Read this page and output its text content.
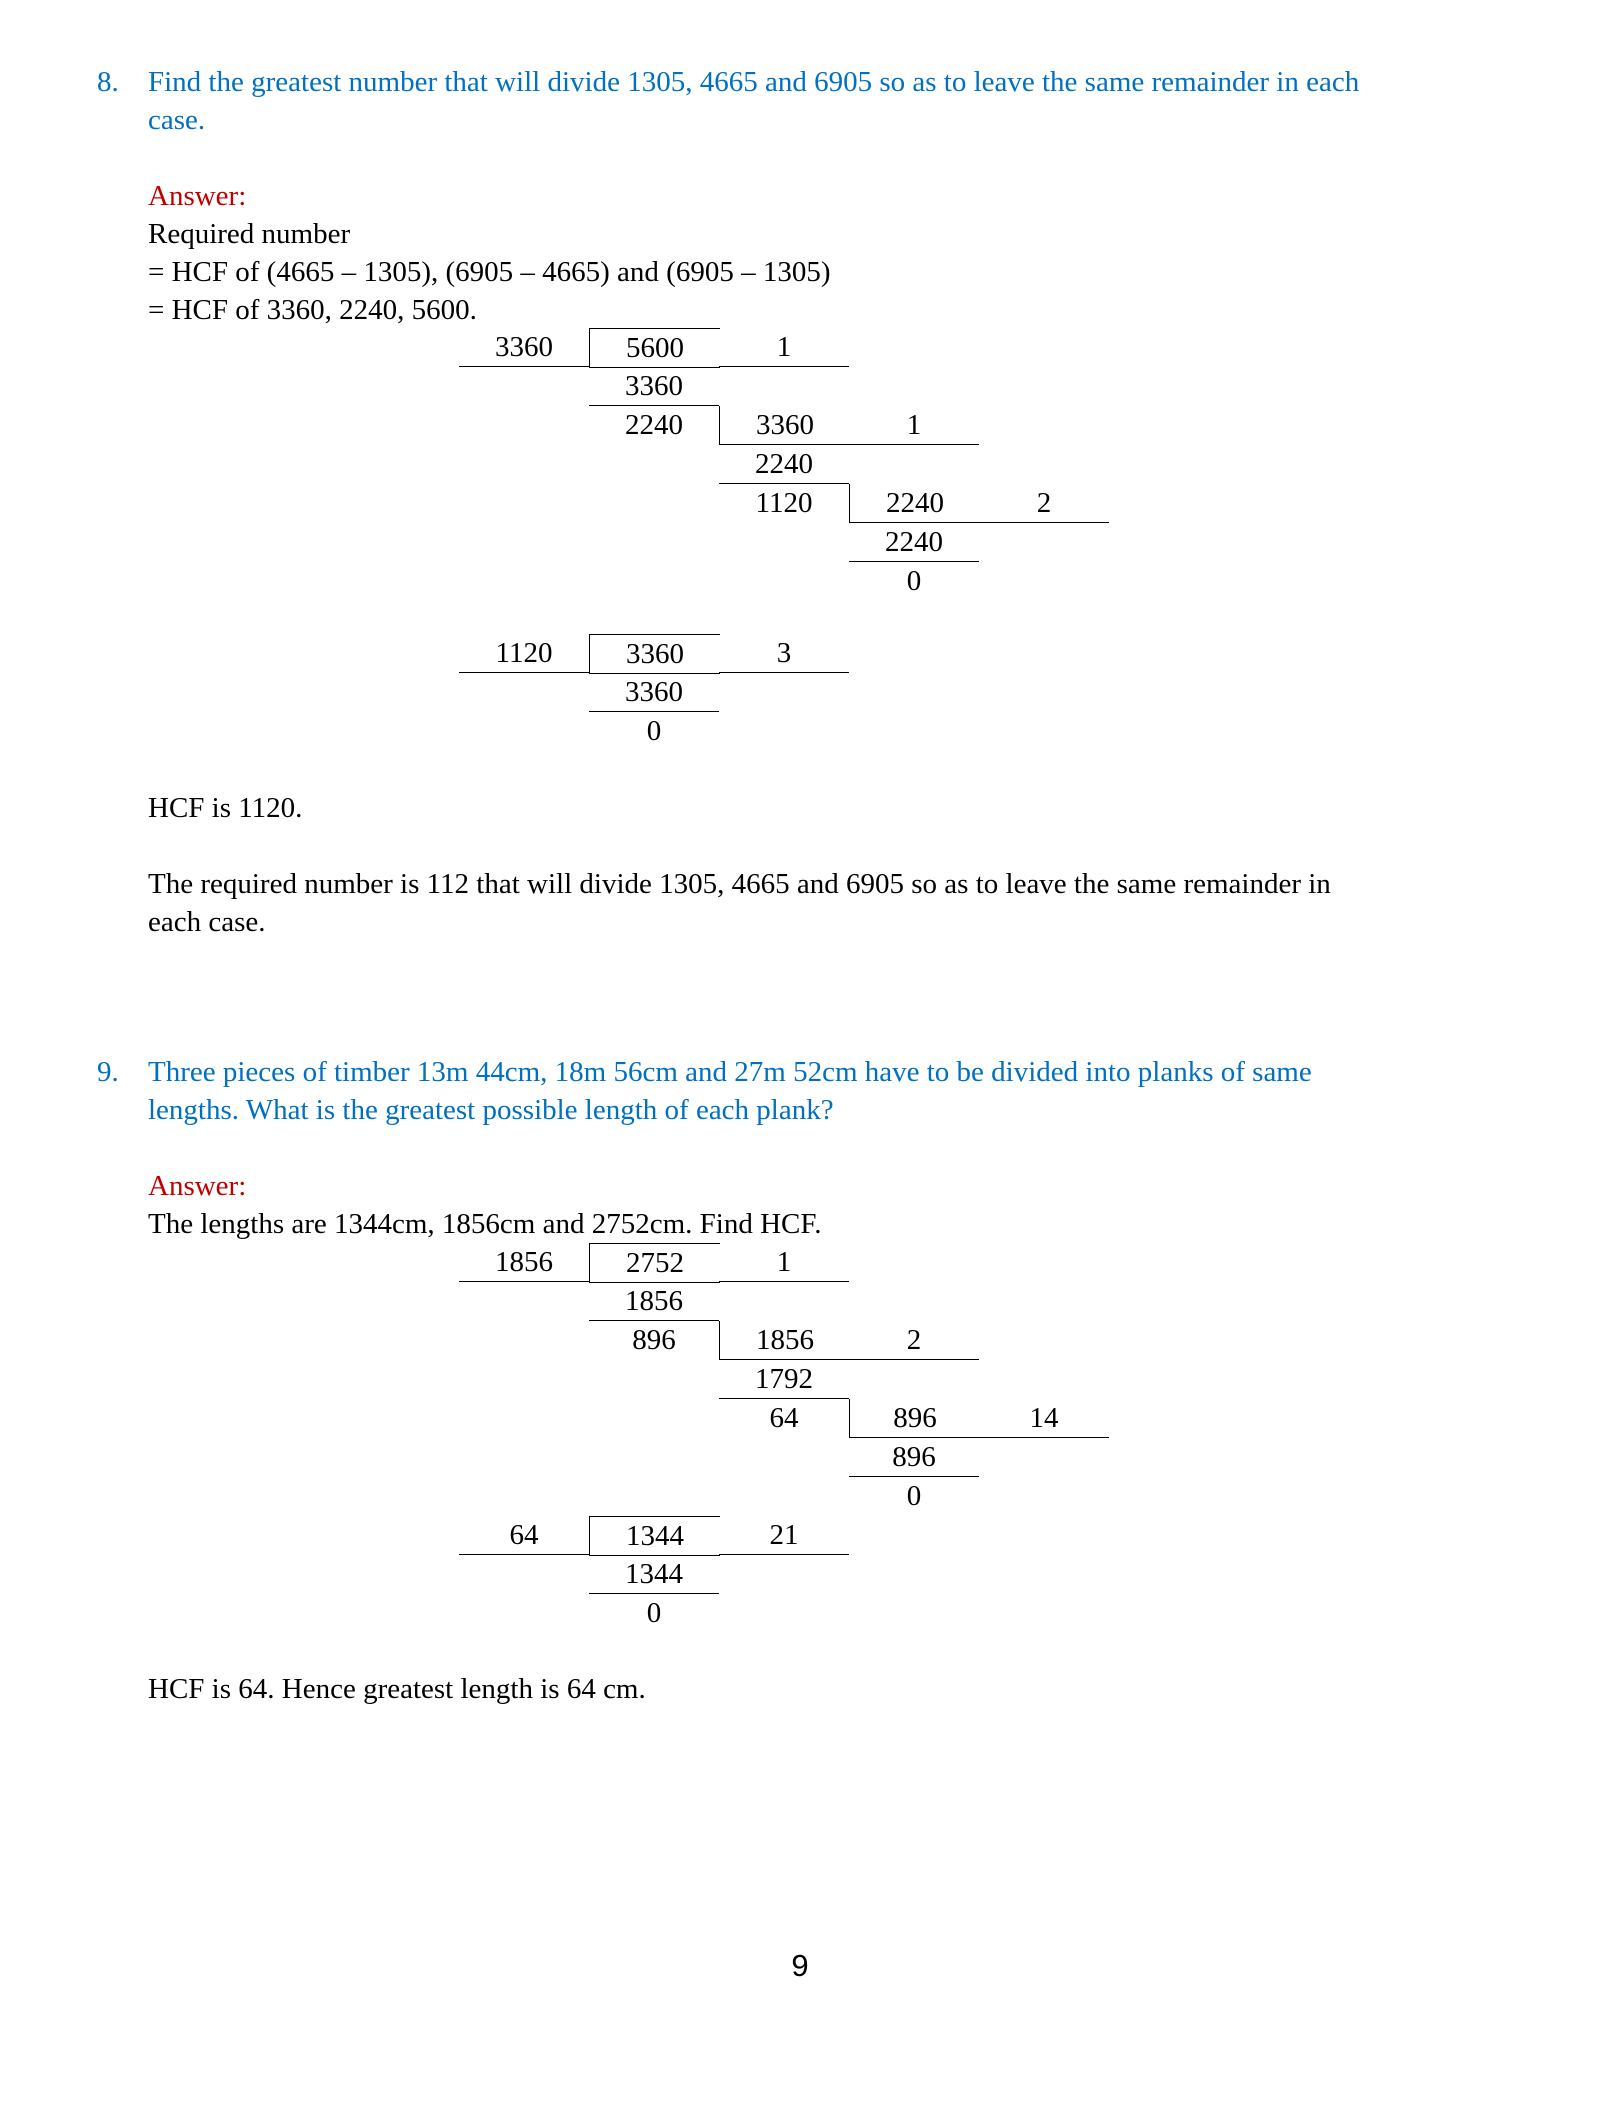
8. Find the greatest number that will divide 1305, 4665 and 6905 so as to leave the same remainder in each
case.
Answer:
Required number
= HCF of (4665 – 1305), (6905 – 4665) and (6905 – 1305)
= HCF of 3360, 2240, 5600.
3360	5600	1
3360
2240	3360	1
2240
1120	2240	2
2240
0
1120	3360	3
3360
0
HCF is 1120.
The required number is 112 that will divide 1305, 4665 and 6905 so as to leave the same remainder in
each case.
9. Three pieces of timber 13m 44cm, 18m 56cm and 27m 52cm have to be divided into planks of same
lengths. What is the greatest possible length of each plank?
Answer:
The lengths are 1344cm, 1856cm and 2752cm. Find HCF.
1856	2752	1
1856
896	1856	2
1792
64	896	14
896
0
64	1344	21
1344
0
HCF is 64. Hence greatest length is 64 cm.
9
